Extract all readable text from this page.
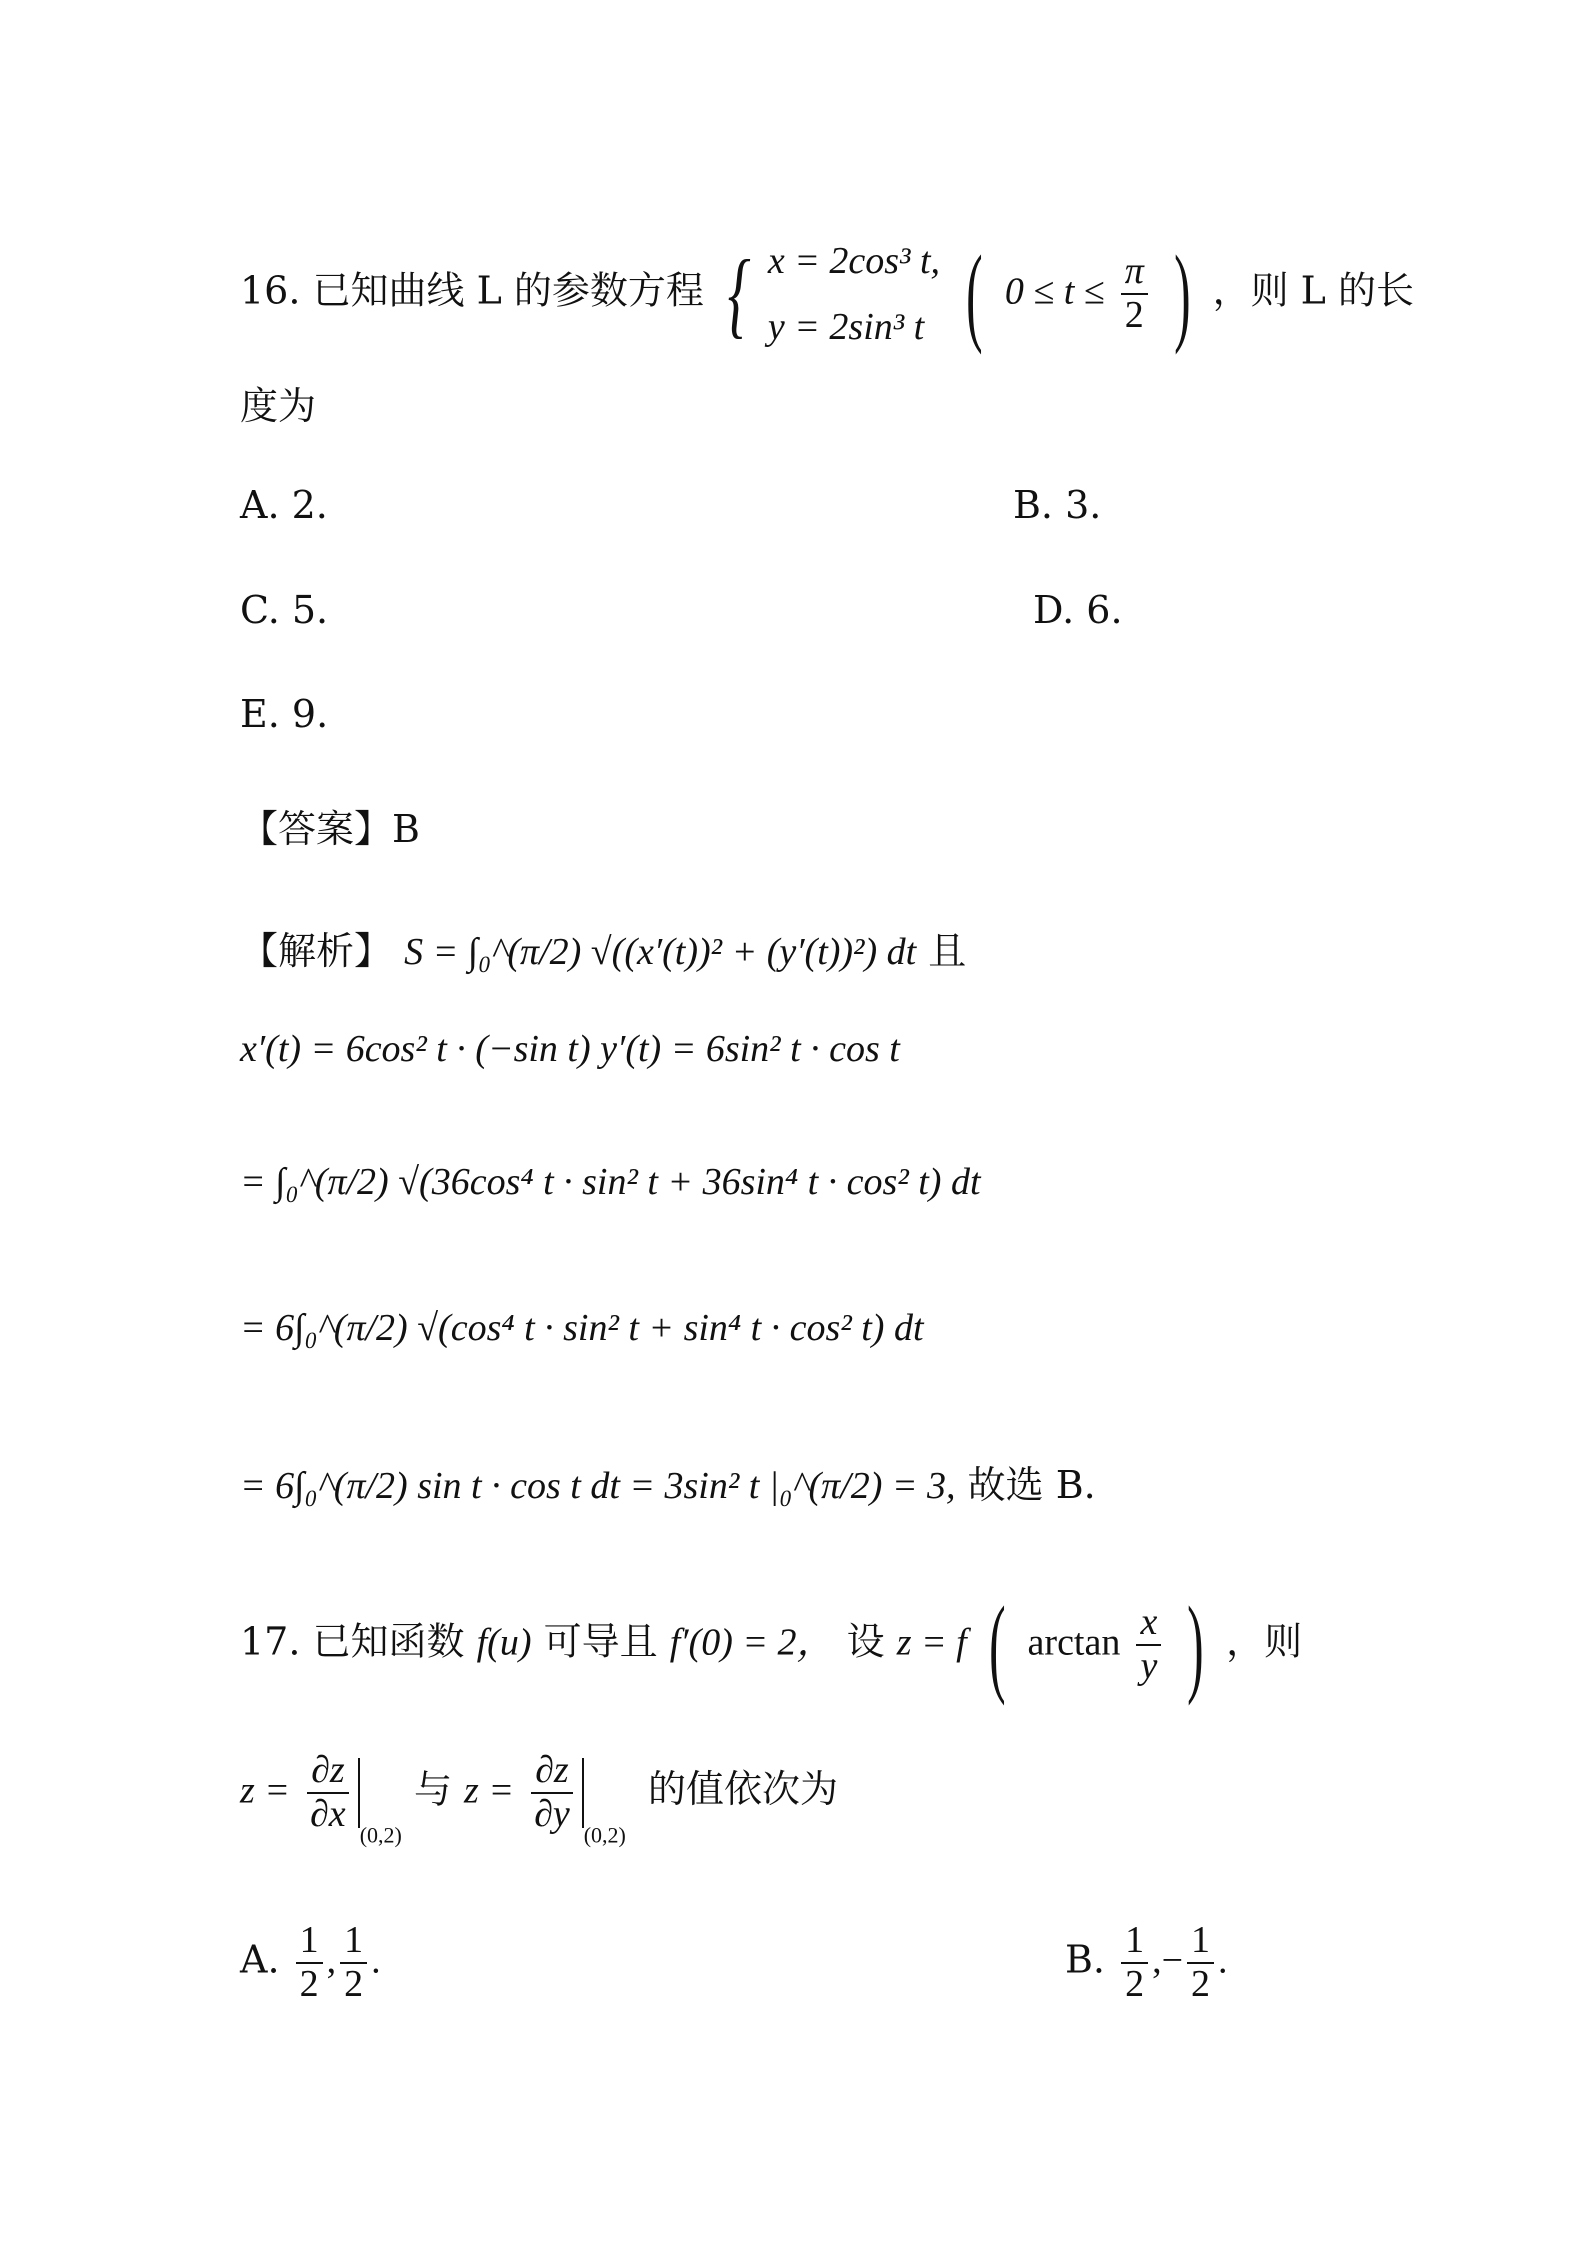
16. 已知曲线 L 的参数方程 { x = 2cos³ t,
y = 2sin³ t ( $0 \le t \le \frac{\pi}{2}$ ) ，则 L 的长
度为
A. 2.	B. 3.
C. 5.	D. 6.
E. 9.
【答案】B
【解析】 S = ∫₀^(π/2) √((x′(t))² + (y′(t))²) dt 且
x′(t) = 6cos² t · (−sin t) y′(t) = 6sin² t · cos t
= ∫₀^(π/2) √(36cos⁴ t · sin² t + 36sin⁴ t · cos² t) dt
= 6∫₀^(π/2) √(cos⁴ t · sin² t + sin⁴ t · cos² t) dt
= 6∫₀^(π/2) sin t · cos t dt = 3sin² t |₀^(π/2) = 3, 故选 B.
17. 已知函数 f(u) 可导且 f′(0) = 2， 设 z = f ( $\arctan \frac{x}{y}$ ) ，则
$z = \frac{\partial z}{\partial x} _{(0,2)}$ 与 $z = \frac{\partial z}{\partial y} _{(0,2)}$ 的值依次为
A. $\frac{1}{2}$ , $\frac{1}{2}$ .	B. $\frac{1}{2}$ ,− $\frac{1}{2}$ .
